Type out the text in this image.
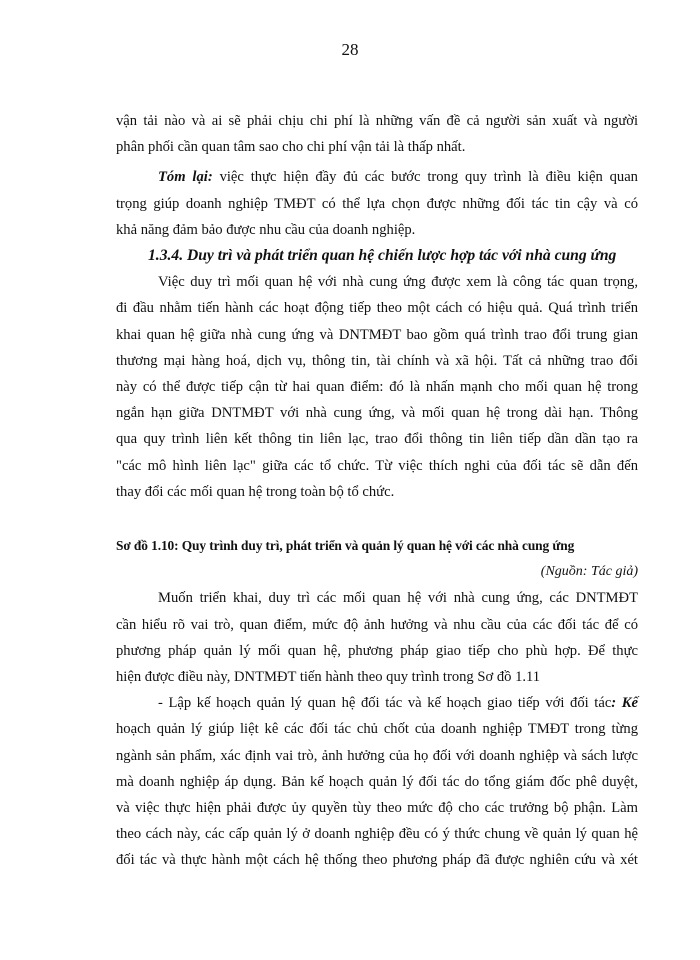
28
vận tải nào và ai sẽ phải chịu chi phí là những vấn đề cả người sản xuất và người
phân phối cần quan tâm sao cho chi phí vận tải là thấp nhất.
Tóm lại: việc thực hiện đầy đủ các bước trong quy trình là điều kiện quan
trọng giúp doanh nghiệp TMĐT có thể lựa chọn được những đối tác tin cậy và có
khả năng đảm bảo được nhu cầu của doanh nghiệp.
1.3.4. Duy trì và phát triển quan hệ chiến lược hợp tác với nhà cung ứng
Việc duy trì mối quan hệ với nhà cung ứng được xem là công tác quan trọng,
đi đầu nhằm tiến hành các hoạt động tiếp theo một cách có hiệu quả. Quá trình triển
khai quan hệ giữa nhà cung ứng và DNTMĐT bao gồm quá trình trao đổi trung gian
thương mại hàng hoá, dịch vụ, thông tin, tài chính và xã hội. Tất cả những trao đổi
này có thể được tiếp cận từ hai quan điểm: đó là nhấn mạnh cho mối quan hệ trong
ngắn hạn giữa DNTMĐT với nhà cung ứng, và mối quan hệ trong dài hạn. Thông
qua quy trình liên kết thông tin liên lạc, trao đổi thông tin liên tiếp dần dần tạo ra
"các mô hình liên lạc" giữa các tổ chức. Từ việc thích nghi của đối tác sẽ dẫn đến
thay đổi các mối quan hệ trong toàn bộ tổ chức.
Sơ đồ 1.10: Quy trình duy trì, phát triển và quản lý quan hệ với các nhà cung ứng
(Nguồn: Tác giả)
Muốn triển khai, duy trì các mối quan hệ với nhà cung ứng, các DNTMĐT
cần hiểu rõ vai trò, quan điểm, mức độ ảnh hưởng và nhu cầu của các đối tác để có
phương pháp quản lý mối quan hệ, phương pháp giao tiếp cho phù hợp. Để thực
hiện được điều này, DNTMĐT tiến hành theo quy trình trong Sơ đồ 1.11
- Lập kế hoạch quản lý quan hệ đối tác và kế hoạch giao tiếp với đối tác: Kế
hoạch quản lý giúp liệt kê các đối tác chủ chốt của doanh nghiệp TMĐT trong từng
ngành sản phẩm, xác định vai trò, ảnh hưởng của họ đối với doanh nghiệp và sách lược
mà doanh nghiệp áp dụng. Bản kế hoạch quản lý đối tác do tổng giám đốc phê duyệt,
và việc thực hiện phải được ủy quyền tùy theo mức độ cho các trưởng bộ phận. Làm
theo cách này, các cấp quản lý ở doanh nghiệp đều có ý thức chung về quản lý quan hệ
đối tác và thực hành một cách hệ thống theo phương pháp đã được nghiên cứu và xét
